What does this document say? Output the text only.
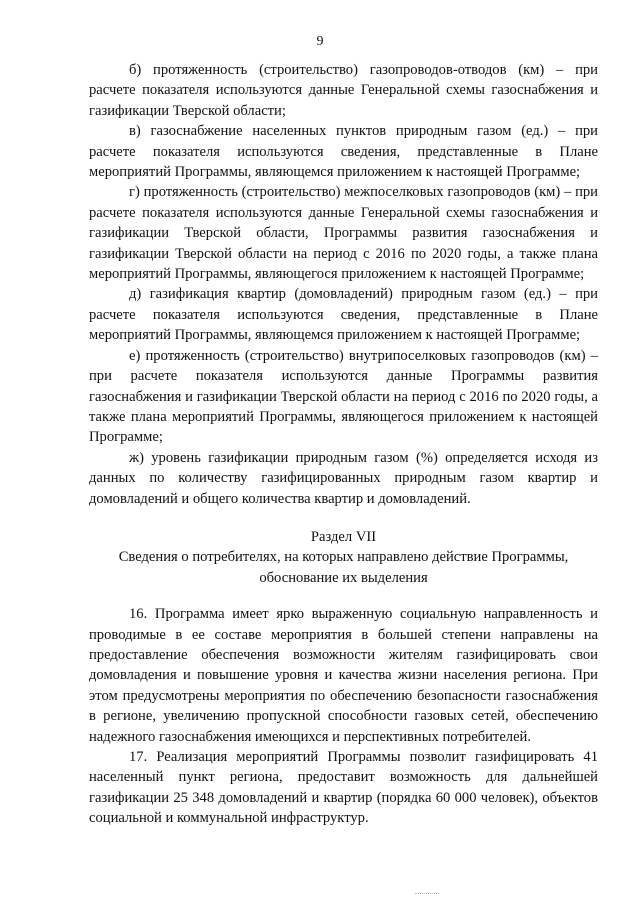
9

б) протяженность (строительство) газопроводов-отводов (км) – при расчете показателя используются данные Генеральной схемы газоснабжения и газификации Тверской области;

в) газоснабжение населенных пунктов природным газом (ед.) – при расчете показателя используются сведения, представленные в Плане мероприятий Программы, являющемся приложением к настоящей Программе;

г) протяженность (строительство) межпоселковых газопроводов (км) – при расчете показателя используются данные Генеральной схемы газоснабжения и газификации Тверской области, Программы развития газоснабжения и газификации Тверской области на период с 2016 по 2020 годы, а также плана мероприятий Программы, являющегося приложением к настоящей Программе;

д) газификация квартир (домовладений) природным газом (ед.) – при расчете показателя используются сведения, представленные в Плане мероприятий Программы, являющемся приложением к настоящей Программе;

е) протяженность (строительство) внутрипоселковых газопроводов (км) – при расчете показателя используются данные Программы развития газоснабжения и газификации Тверской области на период с 2016 по 2020 годы, а также плана мероприятий Программы, являющегося приложением к настоящей Программе;

ж) уровень газификации природным газом (%) определяется исходя из данных по количеству газифицированных природным газом квартир и домовладений и общего количества квартир и домовладений.

Раздел VII

Сведения о потребителях, на которых направлено действие Программы, обоснование их выделения

16. Программа имеет ярко выраженную социальную направленность и проводимые в ее составе мероприятия в большей степени направлены на предоставление обеспечения возможности жителям газифицировать свои домовладения и повышение уровня и качества жизни населения региона. При этом предусмотрены мероприятия по обеспечению безопасности газоснабжения в регионе, увеличению пропускной способности газовых сетей, обеспечению надежного газоснабжения имеющихся и перспективных потребителей.

17. Реализация мероприятий Программы позволит газифицировать 41 населенный пункт региона, предоставит возможность для дальнейшей газификации 25 348 домовладений и квартир (порядка 60 000 человек), объектов социальной и коммунальной инфраструктур.
